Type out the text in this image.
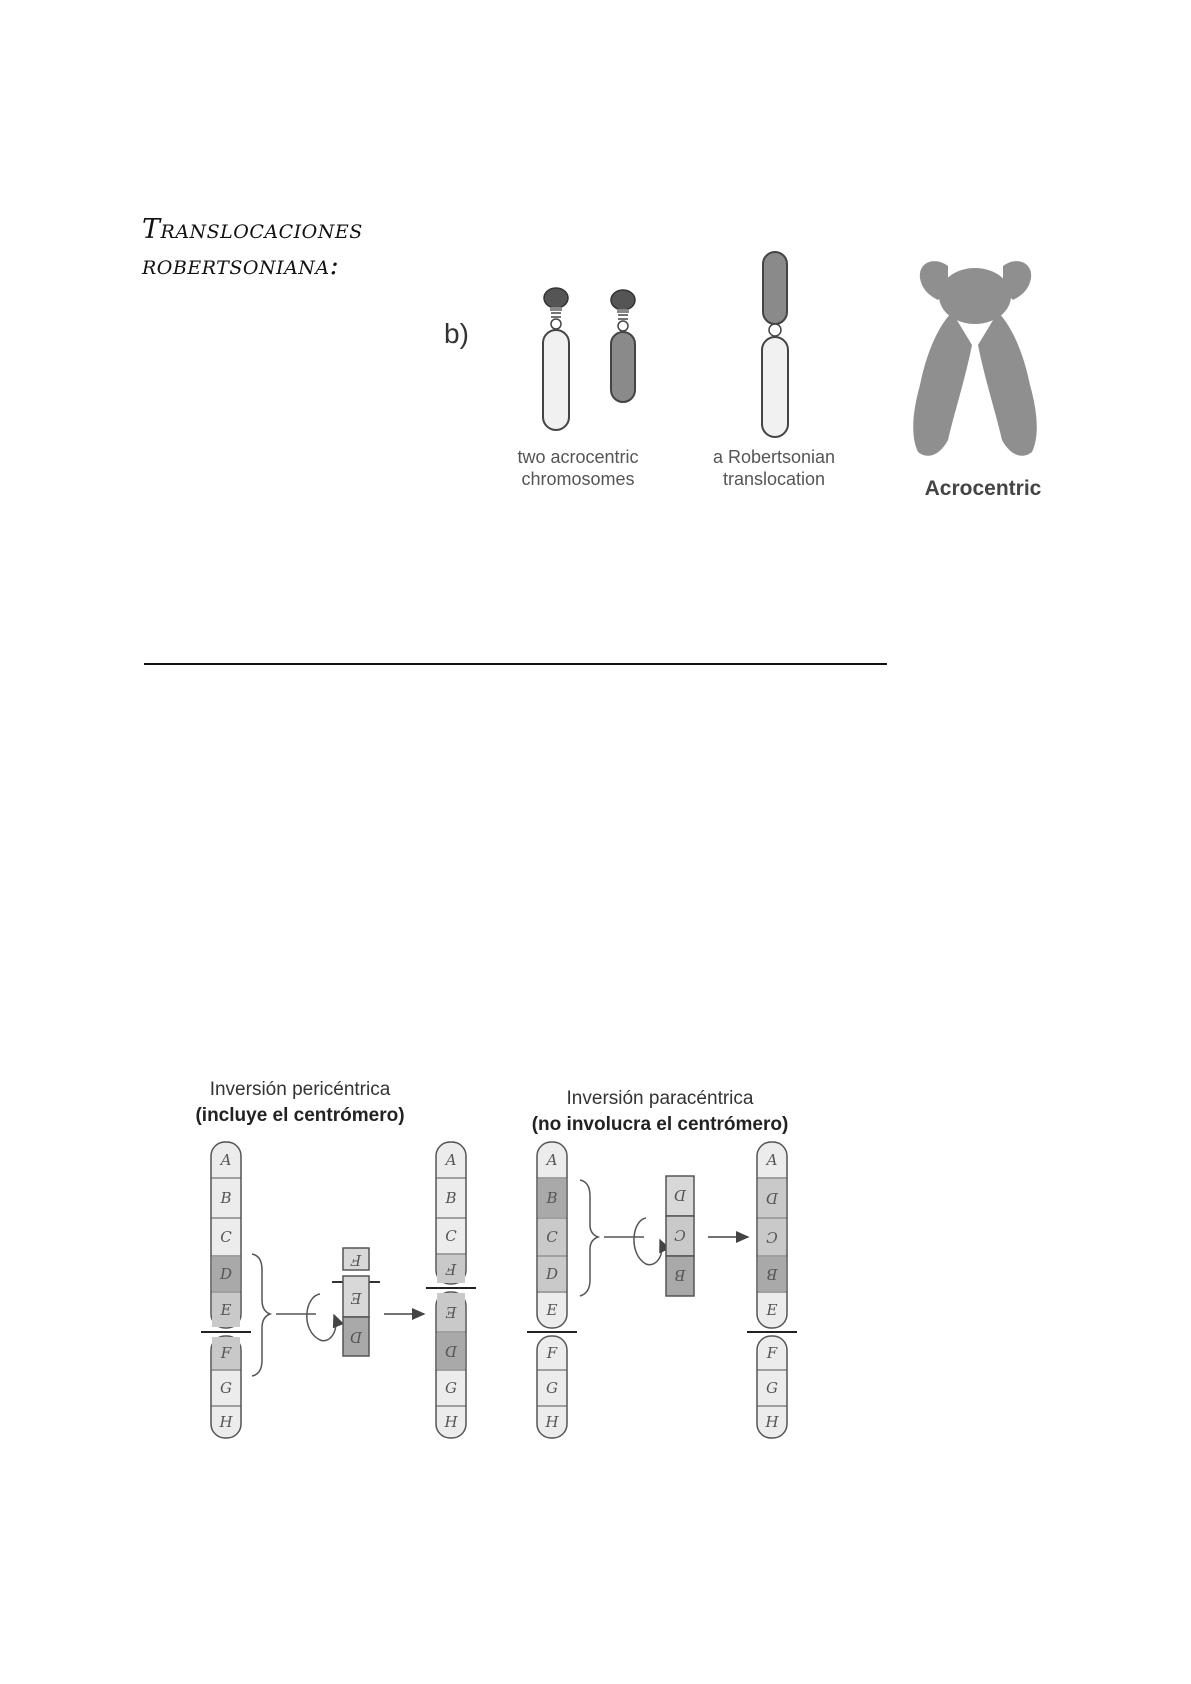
Translocaciones
robertsoniana:
b)
two acrocentric
chromosomes
a Robertsonian
translocation	Acrocentric
Inversión pericéntrica
(incluye el centrómero)
Inversión paracéntrica
(no involucra el centrómero)
A
B
C
D
E
F
G
H
F
E
D
A
B
C
F
E
D
G
H
A
B
C
D
E
F
G
H
D
C
B
A
D
C
B
E
F
G
H
